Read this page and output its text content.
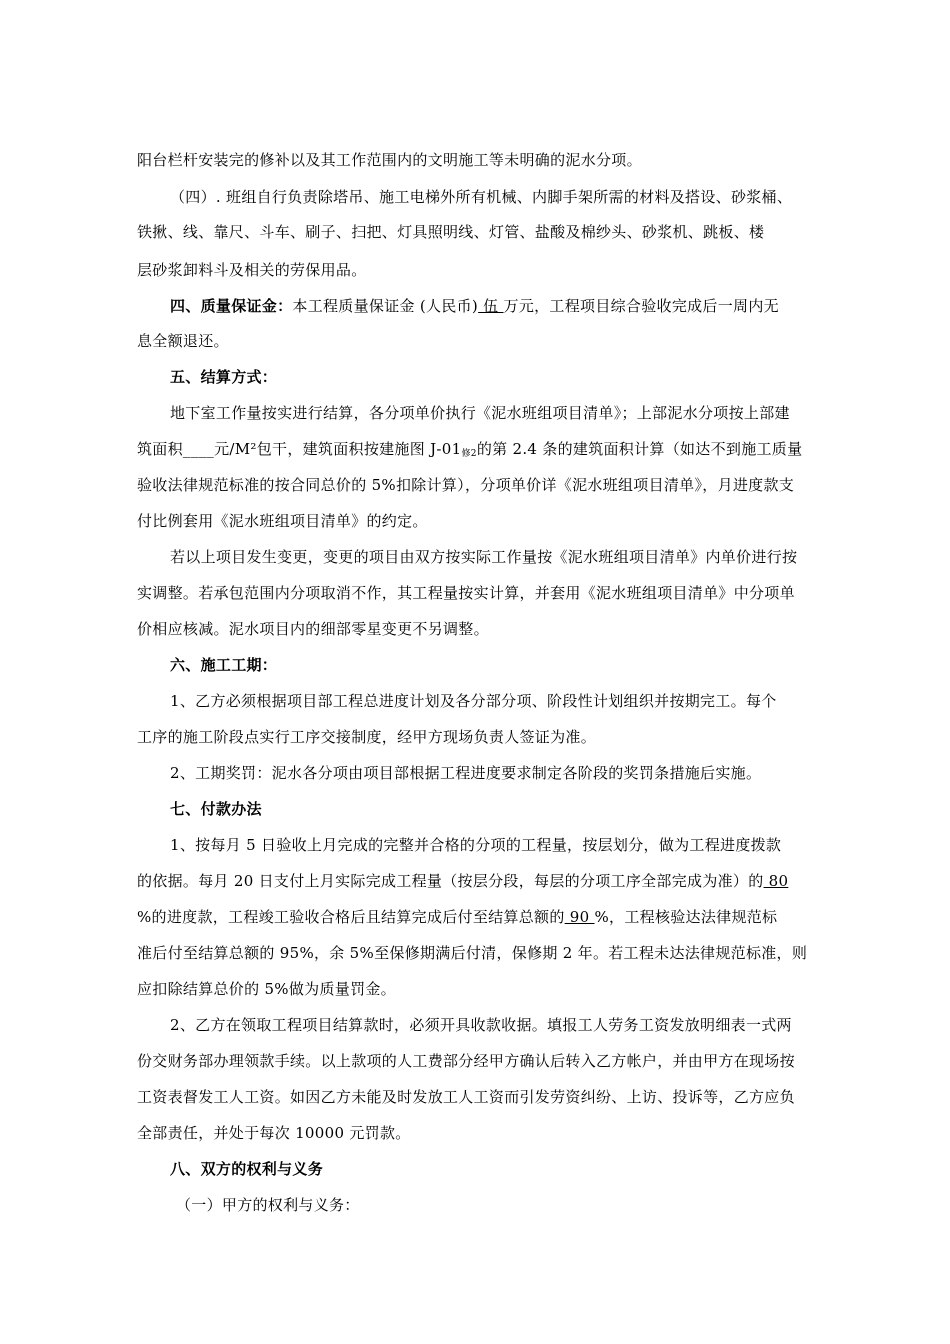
阳台栏杆安装完的修补以及其工作范围内的文明施工等未明确的泥水分项。
（四）. 班组自行负责除塔吊、施工电梯外所有机械、内脚手架所需的材料及搭设、砂浆桶、
铁揪、线、靠尺、斗车、刷子、扫把、灯具照明线、灯管、盐酸及棉纱头、砂浆机、跳板、楼
层砂浆卸料斗及相关的劳保用品。
四、质量保证金：本工程质量保证金 (人民币) 伍 万元，工程项目综合验收完成后一周内无
息全额退还。
五、结算方式：
地下室工作量按实进行结算，各分项单价执行《泥水班组项目清单》；上部泥水分项按上部建
筑面积____元/M²包干，建筑面积按建施图 $J-01_{修2}$的第 2.4 条的建筑面积计算（如达不到施工质量
验收法律规范标准的按合同总价的 5%扣除计算），分项单价详《泥水班组项目清单》，月进度款支
付比例套用《泥水班组项目清单》的约定。
若以上项目发生变更，变更的项目由双方按实际工作量按《泥水班组项目清单》内单价进行按
实调整。若承包范围内分项取消不作，其工程量按实计算，并套用《泥水班组项目清单》中分项单
价相应核减。泥水项目内的细部零星变更不另调整。
六、施工工期：
1、乙方必须根据项目部工程总进度计划及各分部分项、阶段性计划组织并按期完工。每个
工序的施工阶段点实行工序交接制度，经甲方现场负责人签证为准。
2、工期奖罚：泥水各分项由项目部根据工程进度要求制定各阶段的奖罚条措施后实施。
七、付款办法
1、按每月 5 日验收上月完成的完整并合格的分项的工程量，按层划分，做为工程进度拨款
的依据。每月 20 日支付上月实际完成工程量（按层分段，每层的分项工序全部完成为准）的 80
%的进度款，工程竣工验收合格后且结算完成后付至结算总额的 90 %，工程核验达法律规范标
准后付至结算总额的 95%，余 5%至保修期满后付清，保修期 2 年。若工程未达法律规范标准，则
应扣除结算总价的 5%做为质量罚金。
2、乙方在领取工程项目结算款时，必须开具收款收据。填报工人劳务工资发放明细表一式两
份交财务部办理领款手续。以上款项的人工费部分经甲方确认后转入乙方帐户，并由甲方在现场按
工资表督发工人工资。如因乙方未能及时发放工人工资而引发劳资纠纷、上访、投诉等，乙方应负
全部责任，并处于每次 10000 元罚款。
八、双方的权利与义务
（一）甲方的权利与义务：
